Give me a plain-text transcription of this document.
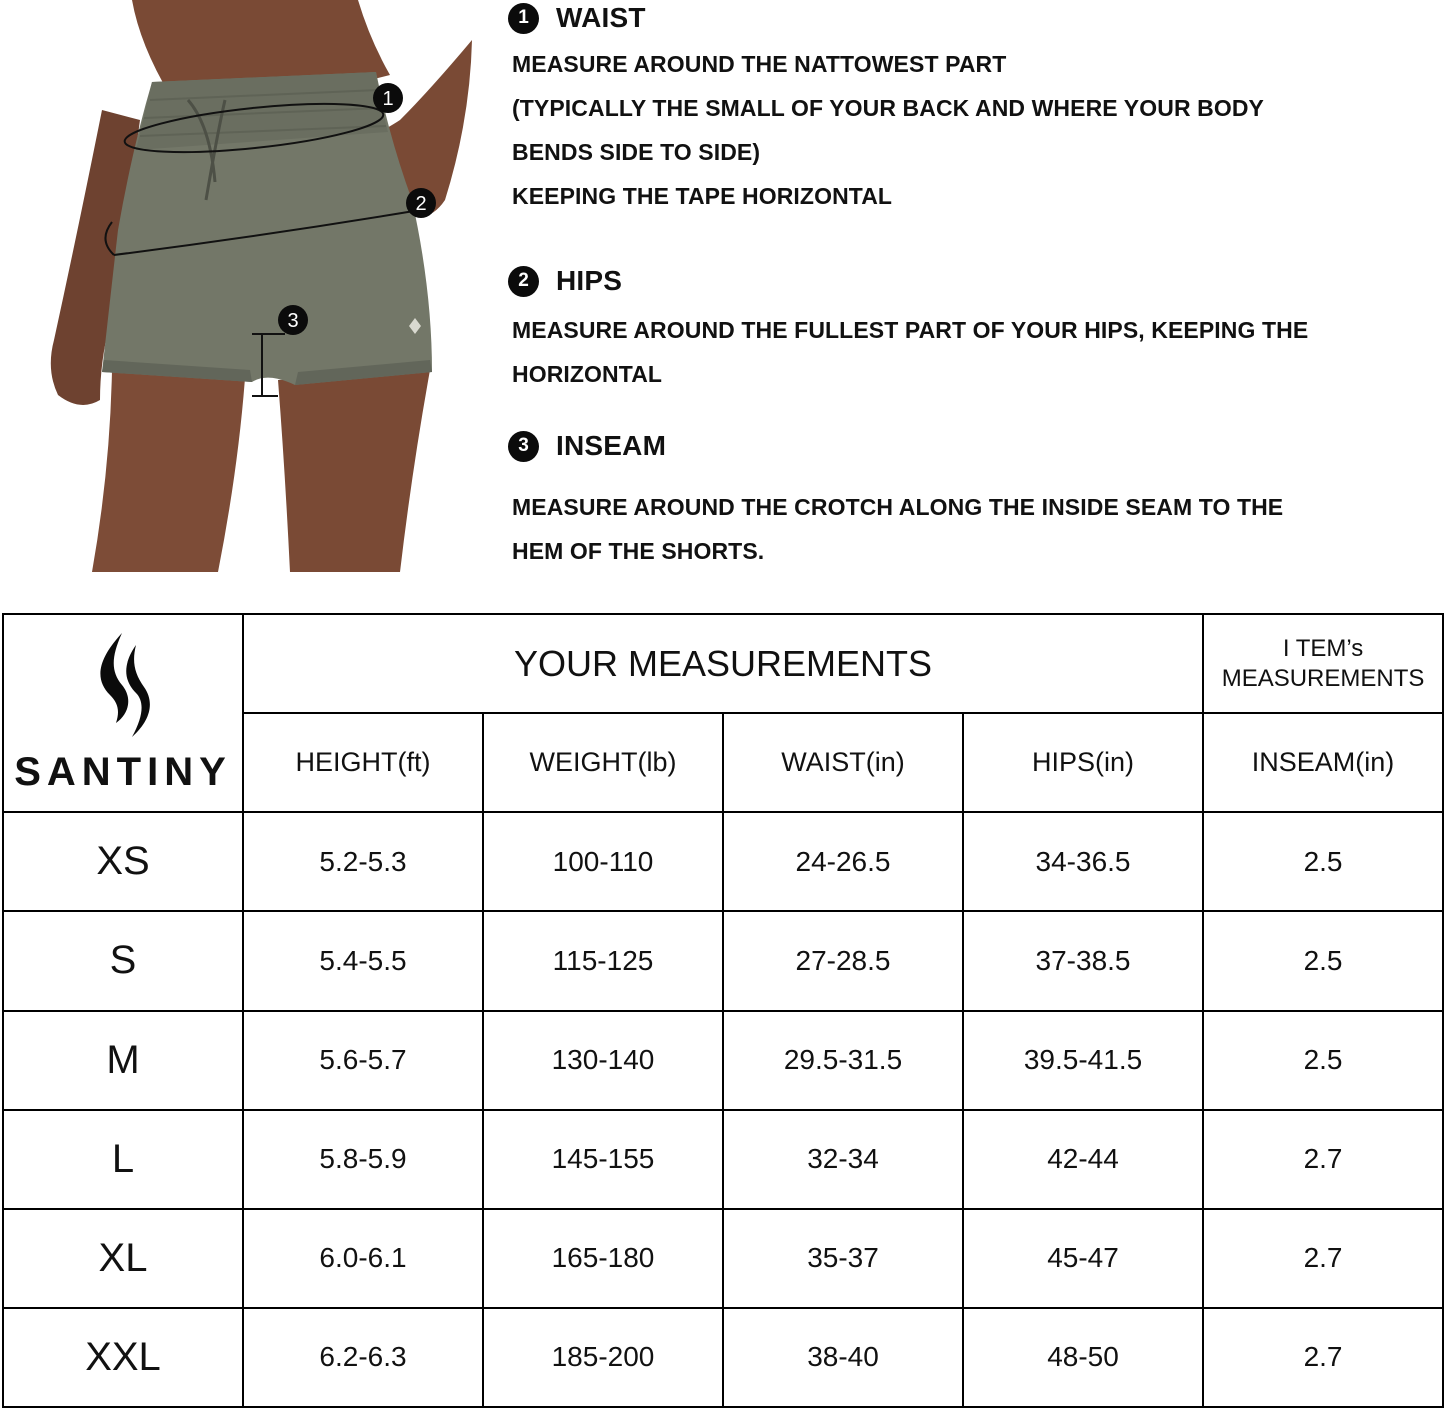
1
2
3
1 WAIST
MEASURE AROUND THE NATTOWEST PART
(TYPICALLY THE SMALL OF YOUR BACK AND WHERE YOUR BODY
BENDS SIDE TO SIDE)
KEEPING THE TAPE HORIZONTAL
2 HIPS
MEASURE AROUND THE FULLEST PART OF YOUR HIPS, KEEPING THE
HORIZONTAL
3 INSEAM
MEASURE AROUND THE CROTCH ALONG THE INSIDE SEAM TO THE
HEM OF THE SHORTS.
SANTINY	YOUR MEASUREMENTS				I TEM’s
MEASUREMENTS

	HEIGHT(ft)	WEIGHT(lb)	WAIST(in)	HIPS(in)	INSEAM(in)
XS	5.2-5.3	100-110	24-26.5	34-36.5	2.5
S	5.4-5.5	115-125	27-28.5	37-38.5	2.5
M	5.6-5.7	130-140	29.5-31.5	39.5-41.5	2.5
L	5.8-5.9	145-155	32-34	42-44	2.7
XL	6.0-6.1	165-180	35-37	45-47	2.7
XXL	6.2-6.3	185-200	38-40	48-50	2.7
